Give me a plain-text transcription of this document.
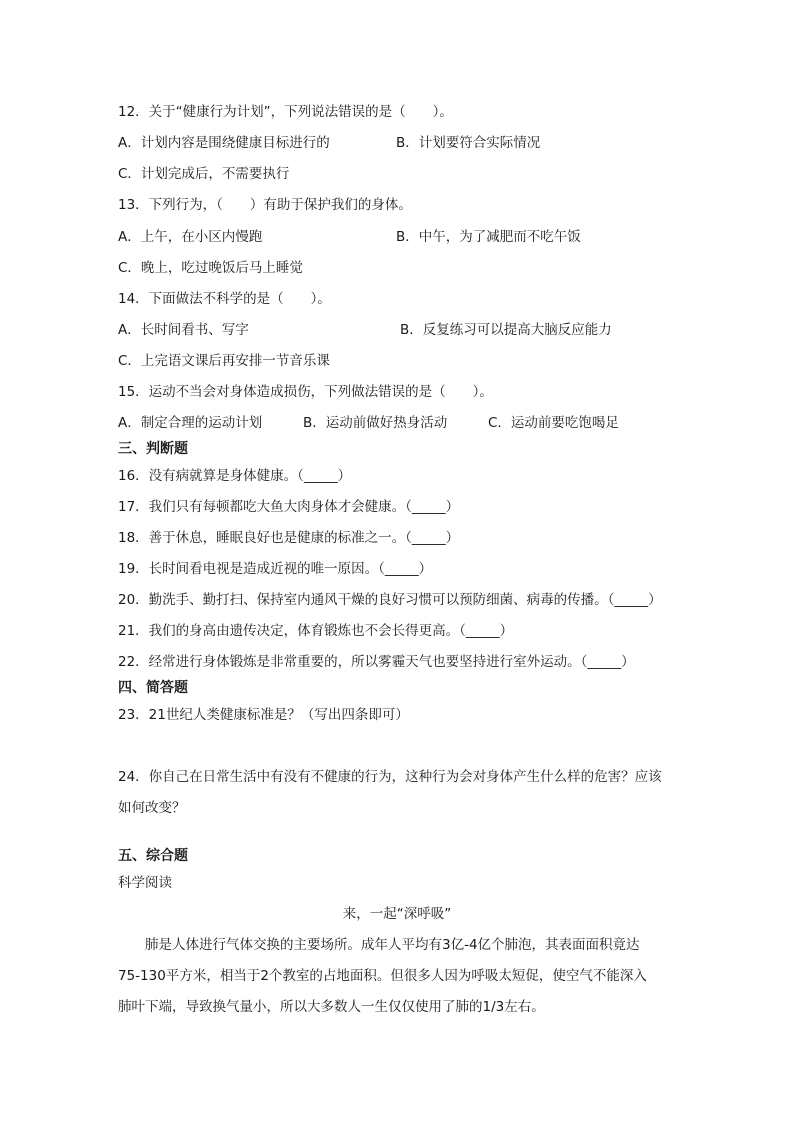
12．关于“健康行为计划”，下列说法错误的是（　　）。
A．计划内容是围绕健康目标进行的	B．计划要符合实际情况
C．计划完成后，不需要执行
13．下列行为，（　　）有助于保护我们的身体。
A．上午，在小区内慢跑	B．中午，为了减肥而不吃午饭
C．晚上，吃过晚饭后马上睡觉
14．下面做法不科学的是（　　）。
A．长时间看书、写字	B．反复练习可以提高大脑反应能力
C．上完语文课后再安排一节音乐课
15．运动不当会对身体造成损伤，下列做法错误的是（　　）。
A．制定合理的运动计划	B．运动前做好热身活动	C．运动前要吃饱喝足
三、判断题
16．没有病就算是身体健康。（_____）
17．我们只有每顿都吃大鱼大肉身体才会健康。（_____）
18．善于休息，睡眠良好也是健康的标准之一。（_____）
19．长时间看电视是造成近视的唯一原因。（_____）
20．勤洗手、勤打扫、保持室内通风干燥的良好习惯可以预防细菌、病毒的传播。（_____）
21．我们的身高由遗传决定，体育锻炼也不会长得更高。（_____）
22．经常进行身体锻炼是非常重要的，所以雾霾天气也要坚持进行室外运动。（_____）
四、简答题
23．21世纪人类健康标准是？（写出四条即可）
24．你自己在日常生活中有没有不健康的行为，这种行为会对身体产生什么样的危害？应该
如何改变？
五、综合题
科学阅读
来，一起“深呼吸”
　　肺是人体进行气体交换的主要场所。成年人平均有3亿-4亿个肺泡，其表面面积竟达
75-130平方米，相当于2个教室的占地面积。但很多人因为呼吸太短促，使空气不能深入
肺叶下端，导致换气量小，所以大多数人一生仅仅使用了肺的1/3左右。
